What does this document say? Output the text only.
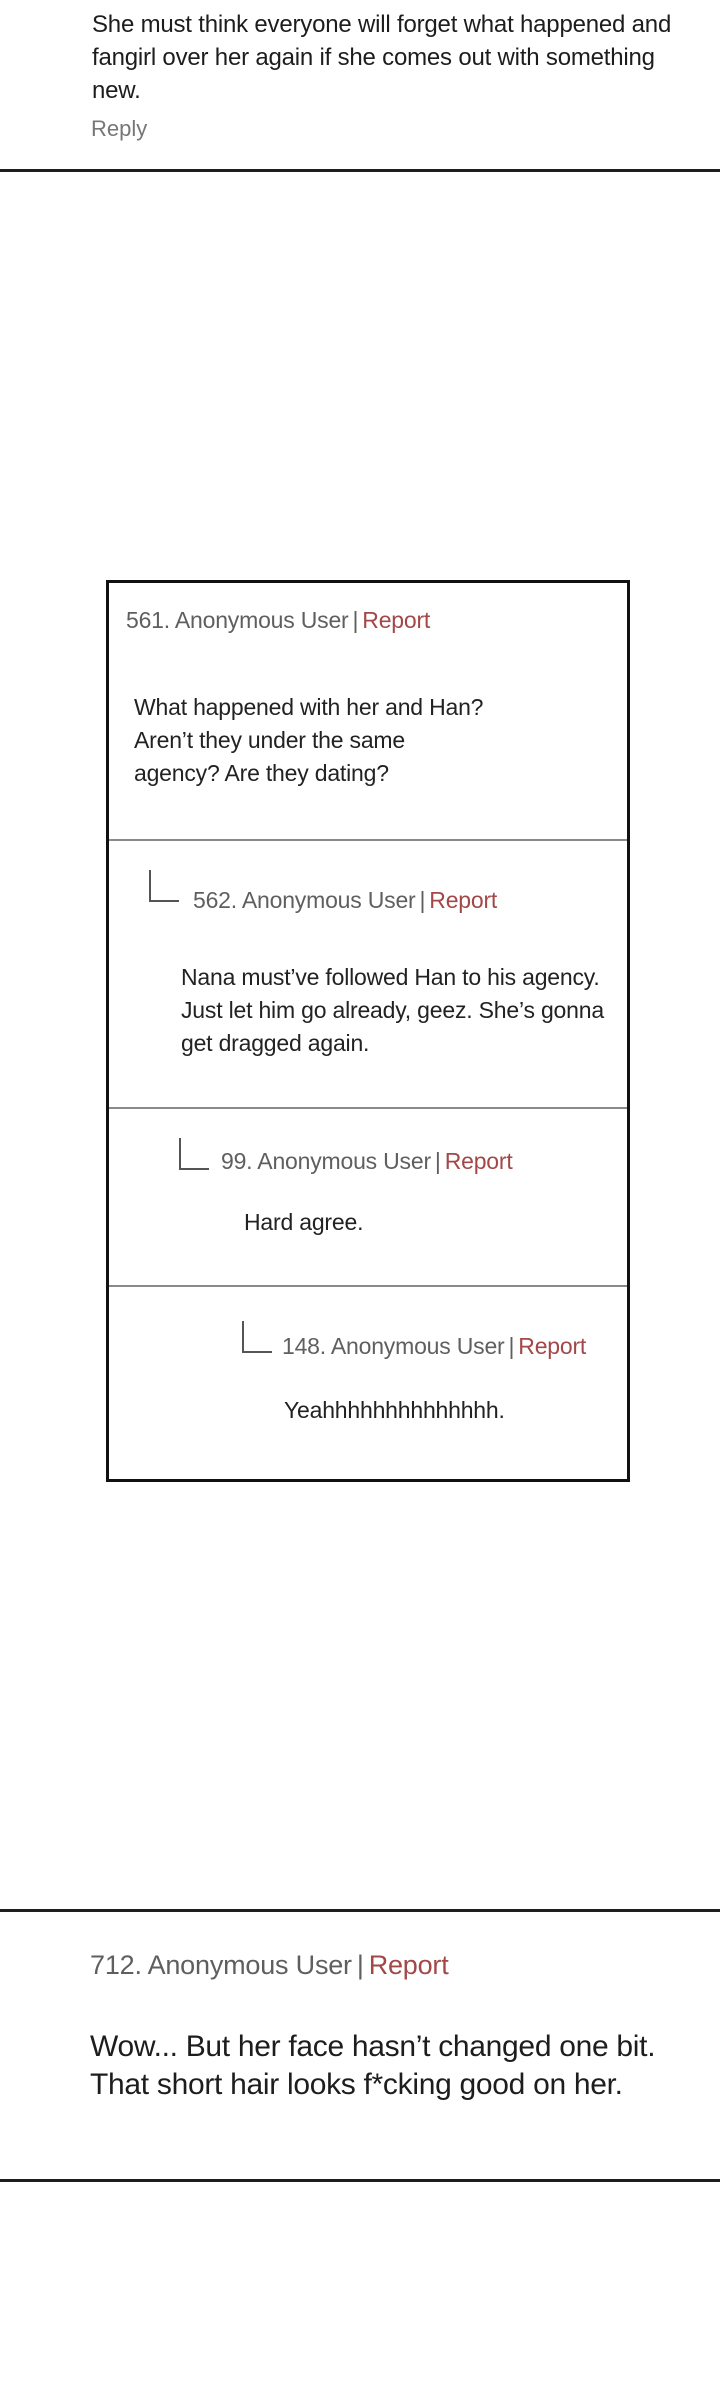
She must think everyone will forget what happened and
fangirl over her again if she comes out with something new.
Reply
561. Anonymous User | Report
What happened with her and Han?
Aren’t they under the same
agency? Are they dating?
562. Anonymous User | Report
Nana must’ve followed Han to his agency.
Just let him go already, geez. She’s gonna
get dragged again.
99. Anonymous User | Report
Hard agree.
148. Anonymous User | Report
Yeahhhhhhhhhhhhhh.
712. Anonymous User | Report
Wow... But her face hasn’t changed one bit.
That short hair looks f*cking good on her.
